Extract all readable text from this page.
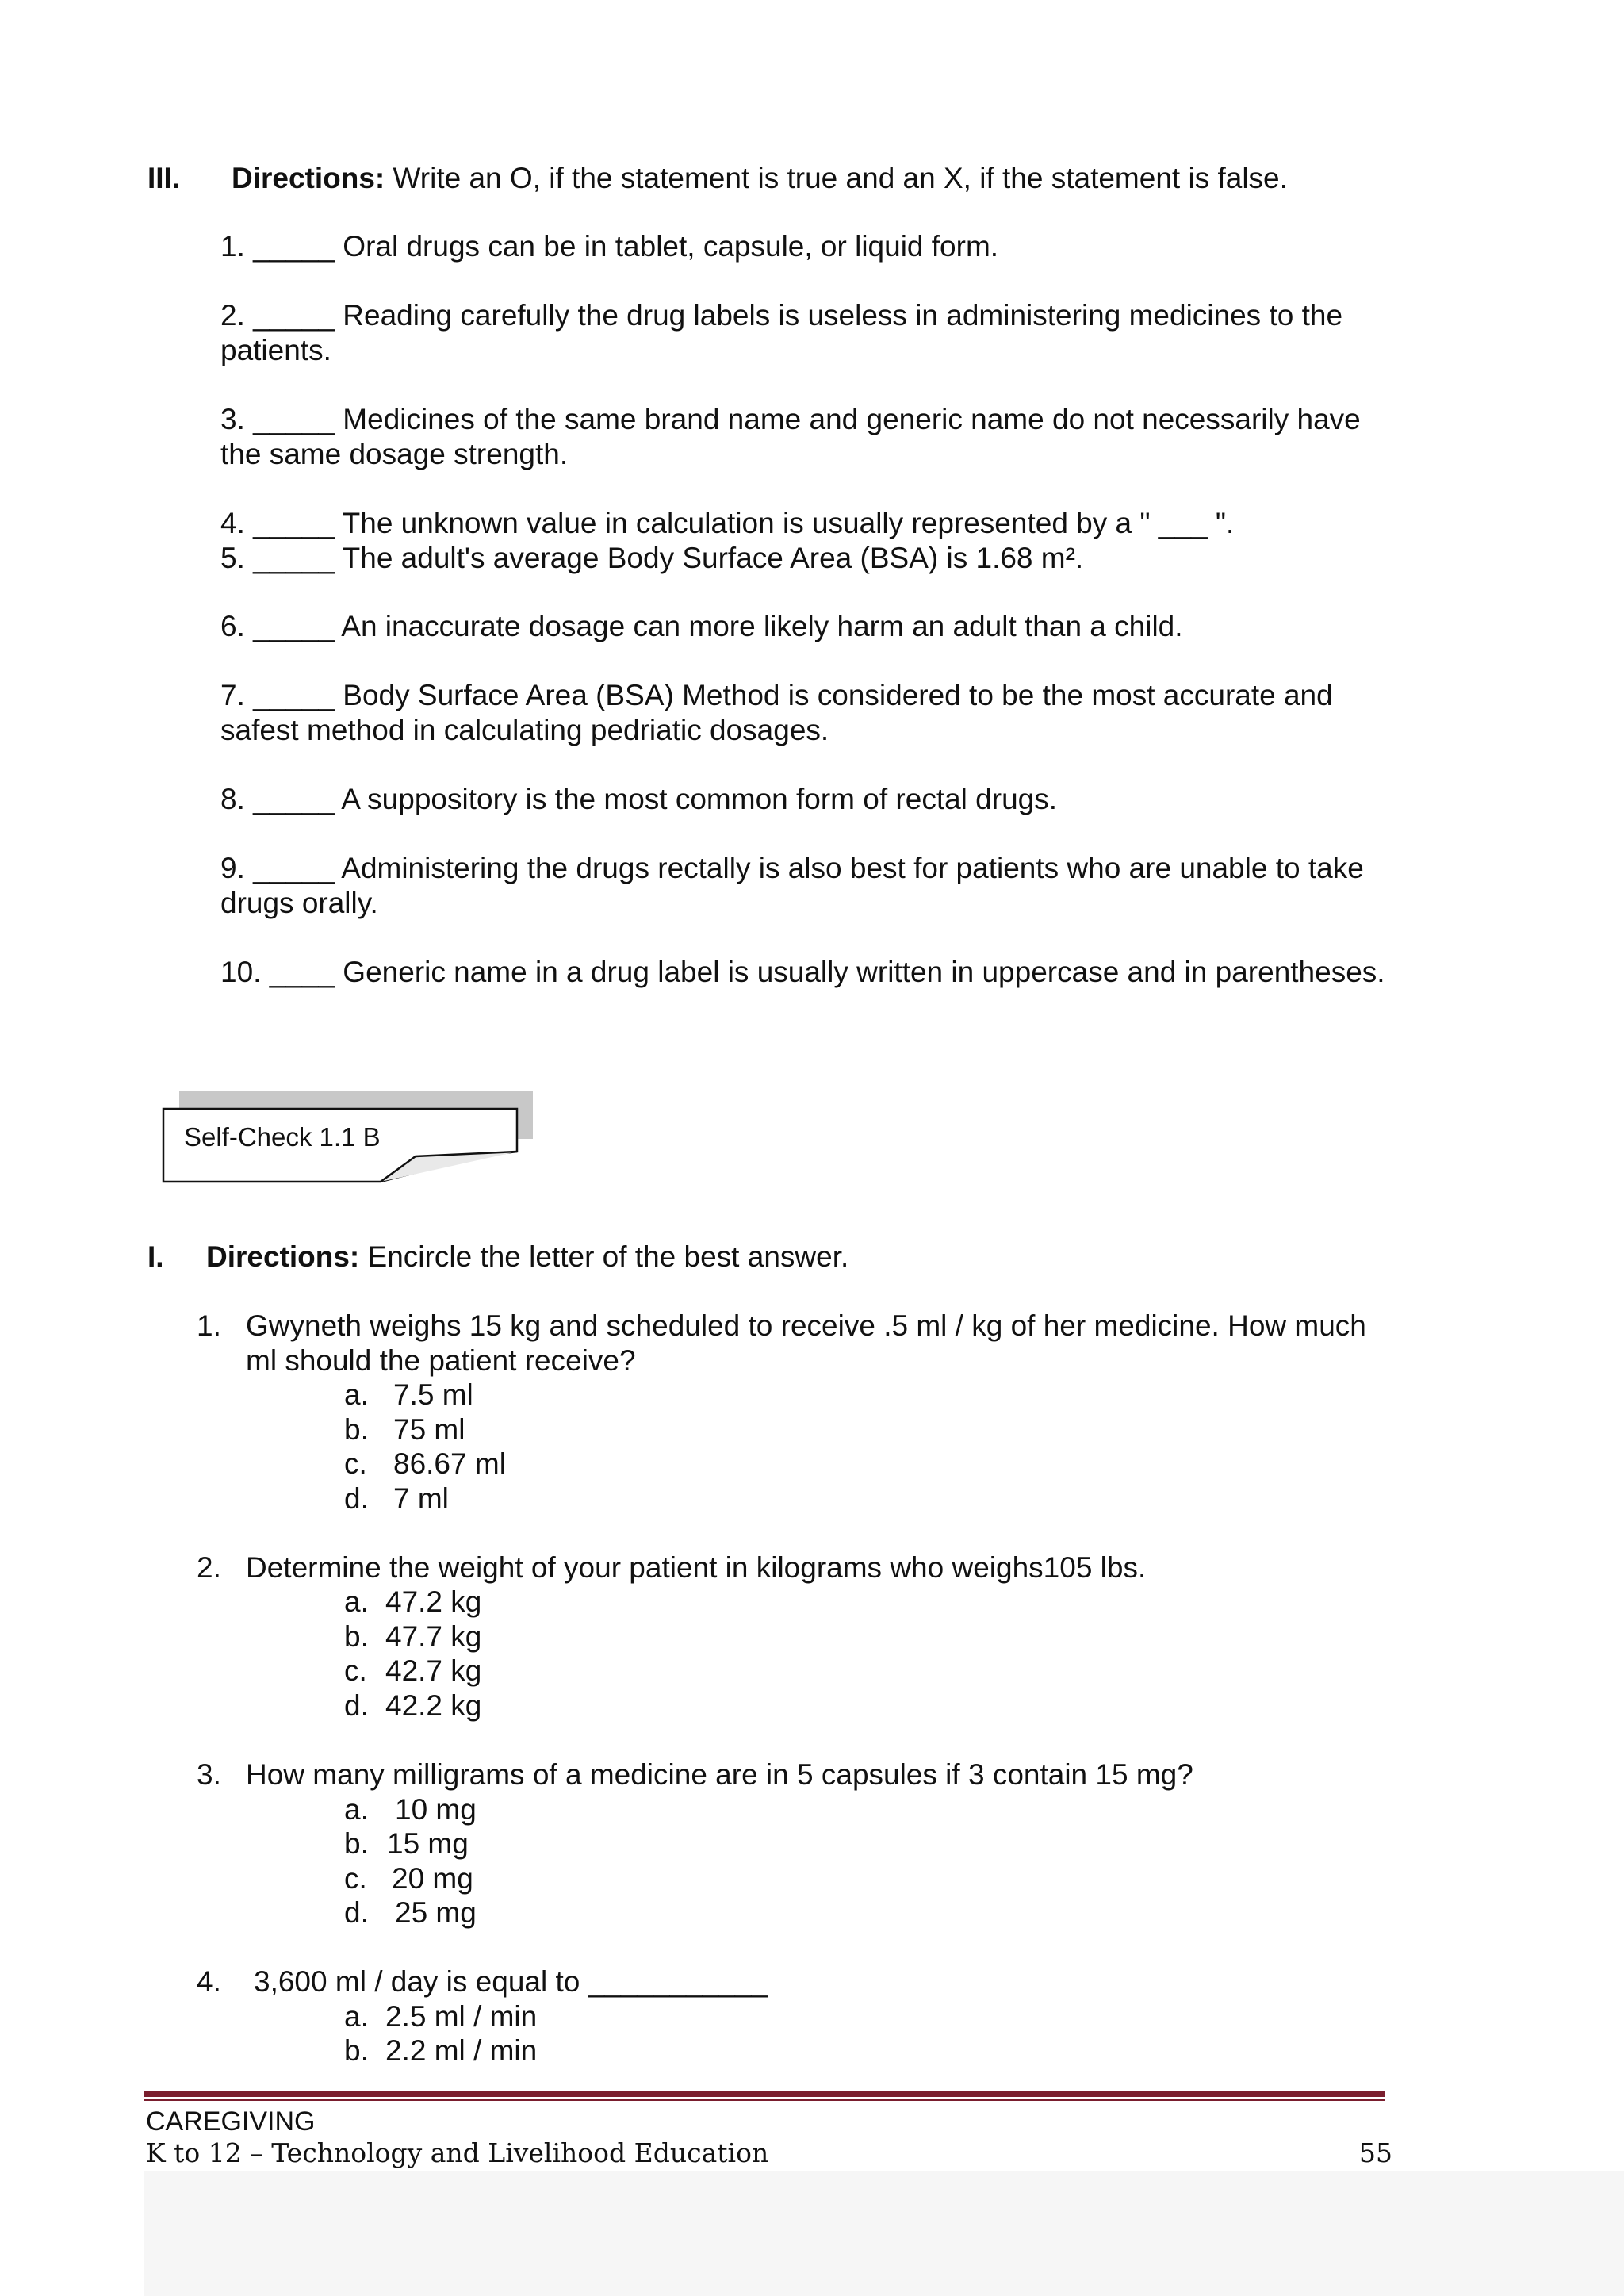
III. Directions: Write an O, if the statement is true and an X, if the statement is false.
1. _____ Oral drugs can be in tablet, capsule, or liquid form.
2. _____ Reading carefully the drug labels is useless in administering medicines to the patients.
3. _____ Medicines of the same brand name and generic name do not necessarily have the same dosage strength.
4. _____ The unknown value in calculation is usually represented by a " ___ ".
5. _____ The adult's average Body Surface Area (BSA) is 1.68 m².
6. _____ An inaccurate dosage can more likely harm an adult than a child.
7. _____ Body Surface Area (BSA) Method is considered to be the most accurate and safest method in calculating pedriatic dosages.
8. _____ A suppository is the most common form of rectal drugs.
9. _____ Administering the drugs rectally is also best for patients who are unable to take drugs orally.
10. ____ Generic name in a drug label is usually written in uppercase and in parentheses.
Self-Check 1.1 B
I. Directions: Encircle the letter of the best answer.
1. Gwyneth weighs 15 kg and scheduled to receive .5 ml / kg of her medicine. How much ml should the patient receive?
a. 7.5 ml
b. 75 ml
c. 86.67 ml
d. 7 ml
2. Determine the weight of your patient in kilograms who weighs105 lbs.
a. 47.2 kg
b. 47.7 kg
c. 42.7 kg
d. 42.2 kg
3. How many milligrams of a medicine are in 5 capsules if 3 contain 15 mg?
a. 10 mg
b. 15 mg
c. 20 mg
d. 25 mg
4. 3,600 ml / day is equal to ___________
a. 2.5 ml / min
b. 2.2 ml / min
CAREGIVING
K to 12 – Technology and Livelihood Education	55
